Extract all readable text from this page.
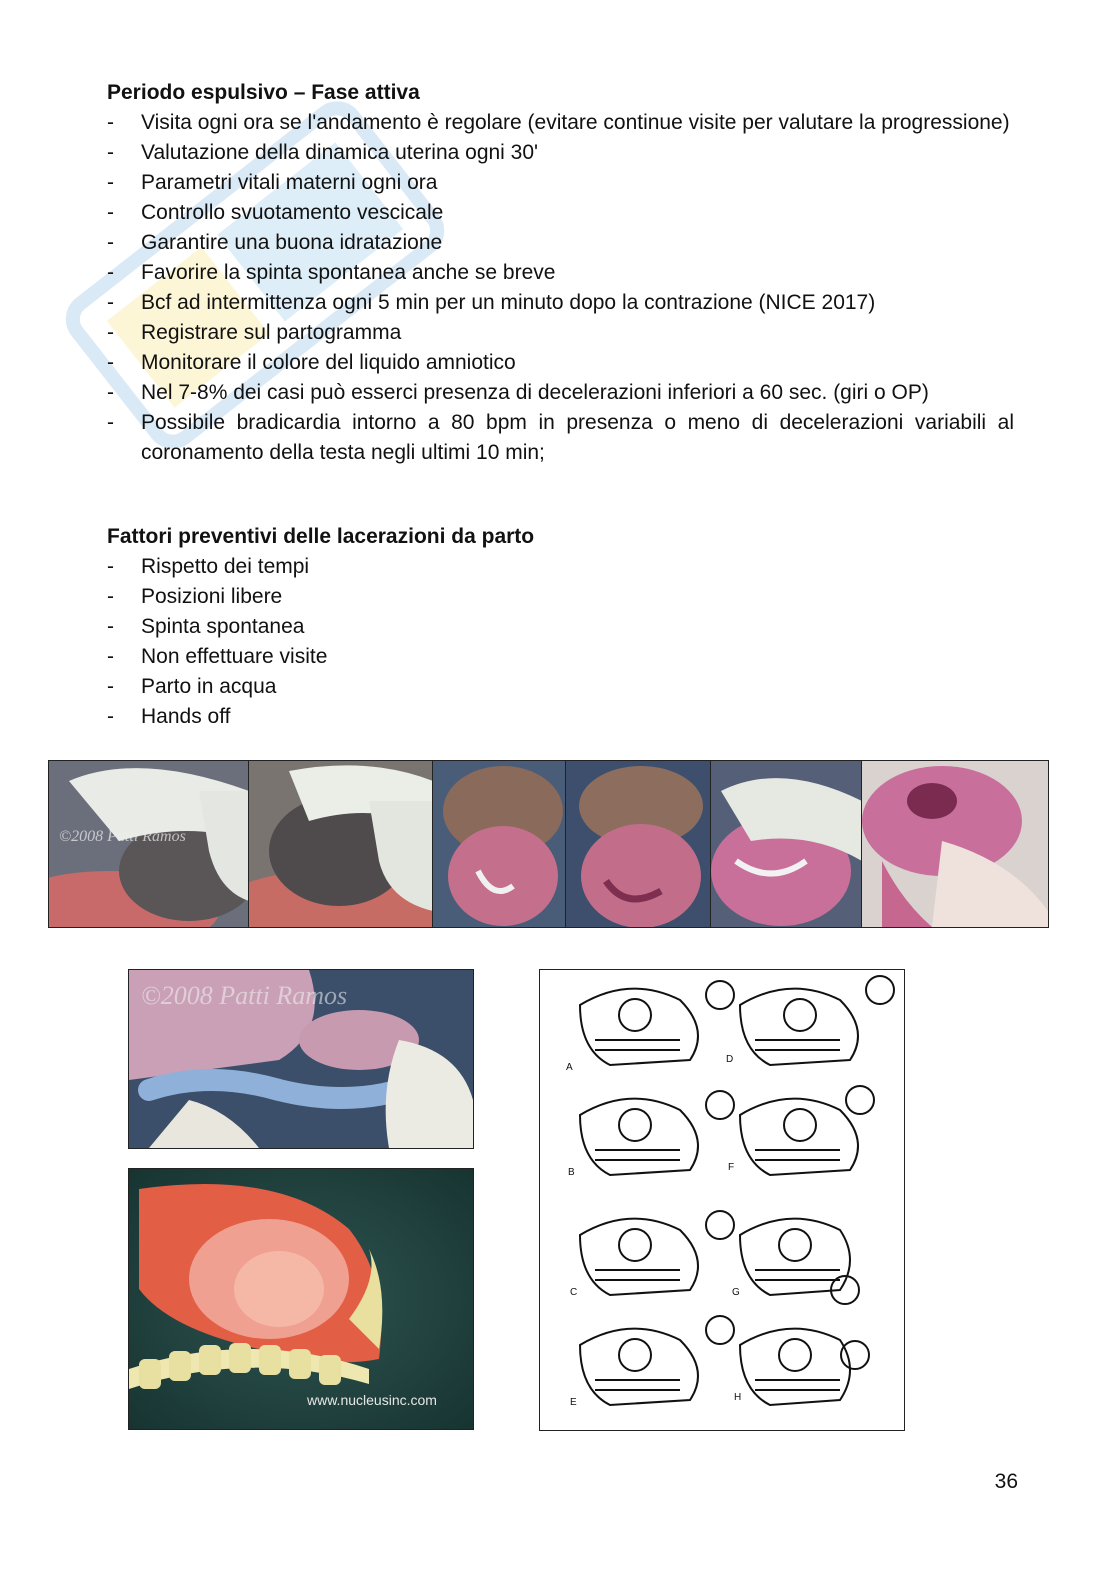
Periodo espulsivo – Fase attiva
- Visita ogni ora se l'andamento è regolare (evitare continue visite per valutare la progressione)
- Valutazione della dinamica uterina ogni 30'
- Parametri vitali materni ogni ora
- Controllo svuotamento vescicale
- Garantire una buona idratazione
- Favorire la spinta spontanea anche se breve
- Bcf ad intermittenza ogni 5 min per un minuto dopo la contrazione (NICE 2017)
- Registrare sul partogramma
- Monitorare il colore del liquido amniotico
- Nel 7-8% dei casi può esserci presenza di decelerazioni inferiori a 60 sec. (giri o OP)
- Possibile bradicardia intorno a 80 bpm in presenza o meno di decelerazioni variabili al coronamento della testa negli ultimi 10 min;
Fattori preventivi delle lacerazioni da parto
- Rispetto dei tempi
- Posizioni libere
- Spinta spontanea
- Non effettuare visite
- Parto in acqua
- Hands off
©2008 Patti Ramos
©2008 Patti Ramos
www.nucleusinc.com
A
B
C
D
E
F
G
H
36
